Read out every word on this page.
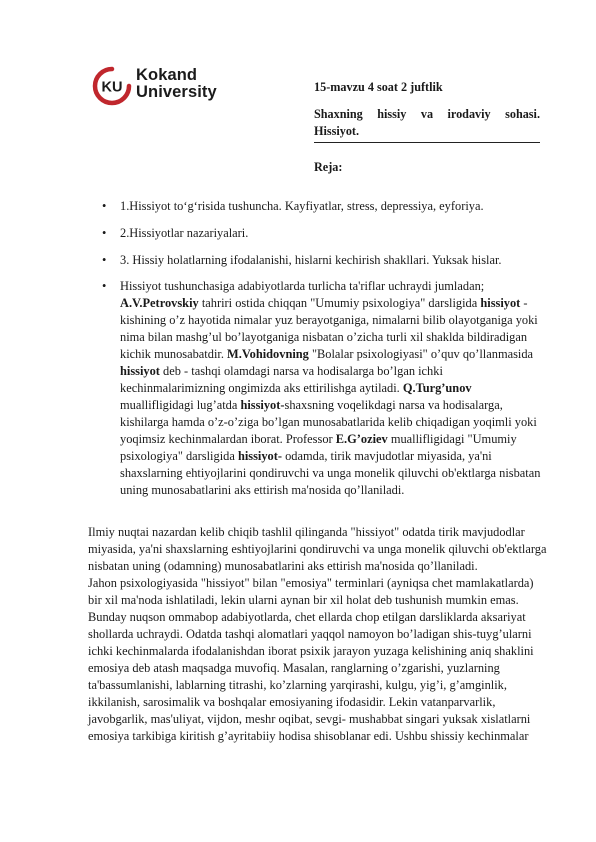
KU
Kokand
University	15-mavzu 4 soat 2 juftlik
Shaxning hissiy va irodaviy sohasi. Hissiyot.
Reja:
• 1.Hissiyot to‘g‘risida tushuncha. Kayfiyatlar, stress, depressiya, eyforiya.
• 2.Hissiyotlar nazariyalari.
• 3. Hissiy holatlarning ifodalanishi, hislarni kechirish shakllari. Yuksak hislar.
• Hissiyot tushunchasiga adabiyotlarda turlicha ta'riflar uchraydi jumladan; A.V.Petrovskiy tahriri ostida chiqqan "Umumiy psixologiya" darsligida hissiyot - kishining o’z hayotida nimalar yuz berayotganiga, nimalarni bilib olayotganiga yoki nima bilan mashg’ul bo’layotganiga nisbatan o’zicha turli xil shaklda bildiradigan kichik munosabatdir. M.Vohidovning "Bolalar psixologiyasi" o’quv qo’llanmasida hissiyot deb - tashqi olamdagi narsa va hodisalarga bo’lgan ichki kechinmalarimizning ongimizda aks ettirilishga aytiladi. Q.Turg’unov muallifligidagi lug’atda hissiyot-shaxsning voqelikdagi narsa va hodisalarga, kishilarga hamda o’z-o’ziga bo’lgan munosabatlarida kelib chiqadigan yoqimli yoki yoqimsiz kechinmalardan iborat. Professor E.G’oziev muallifligidagi "Umumiy psixologiya" darsligida hissiyot- odamda, tirik mavjudotlar miyasida, ya'ni shaxslarning ehtiyojlarini qondiruvchi va unga monelik qiluvchi ob'ektlarga nisbatan uning munosabatlarini aks ettirish ma'nosida qo’llaniladi.
Ilmiy nuqtai nazardan kelib chiqib tashlil qilinganda "hissiyot" odatda tirik mavjudodlar miyasida, ya'ni shaxslarning eshtiyojlarini qondiruvchi va unga monelik qiluvchi ob'ektlarga nisbatan uning (odamning) munosabatlarini aks ettirish ma'nosida qo’llaniladi.
Jahon psixologiyasida "hissiyot" bilan "emosiya" terminlari (ayniqsa chet mamlakatlarda) bir xil ma'noda ishlatiladi, lekin ularni aynan bir xil holat deb tushunish mumkin emas. Bunday nuqson ommabop adabiyotlarda, chet ellarda chop etilgan darsliklarda aksariyat shollarda uchraydi. Odatda tashqi alomatlari yaqqol namoyon bo’ladigan shis-tuyg’ularni ichki kechinmalarda ifodalanishdan iborat psixik jarayon yuzaga kelishining aniq shaklini emosiya deb atash maqsadga muvofiq. Masalan, ranglarning o’zgarishi, yuzlarning ta'bassumlanishi, lablarning titrashi, ko’zlarning yarqirashi, kulgu, yig’i, g’amginlik, ikkilanish, sarosimalik va boshqalar emosiyaning ifodasidir. Lekin vatanparvarlik, javobgarlik, mas'uliyat, vijdon, meshr oqibat, sevgi- mushabbat singari yuksak xislatlarni emosiya tarkibiga kiritish g’ayritabiiy hodisa shisoblanar edi. Ushbu shissiy kechinmalar
